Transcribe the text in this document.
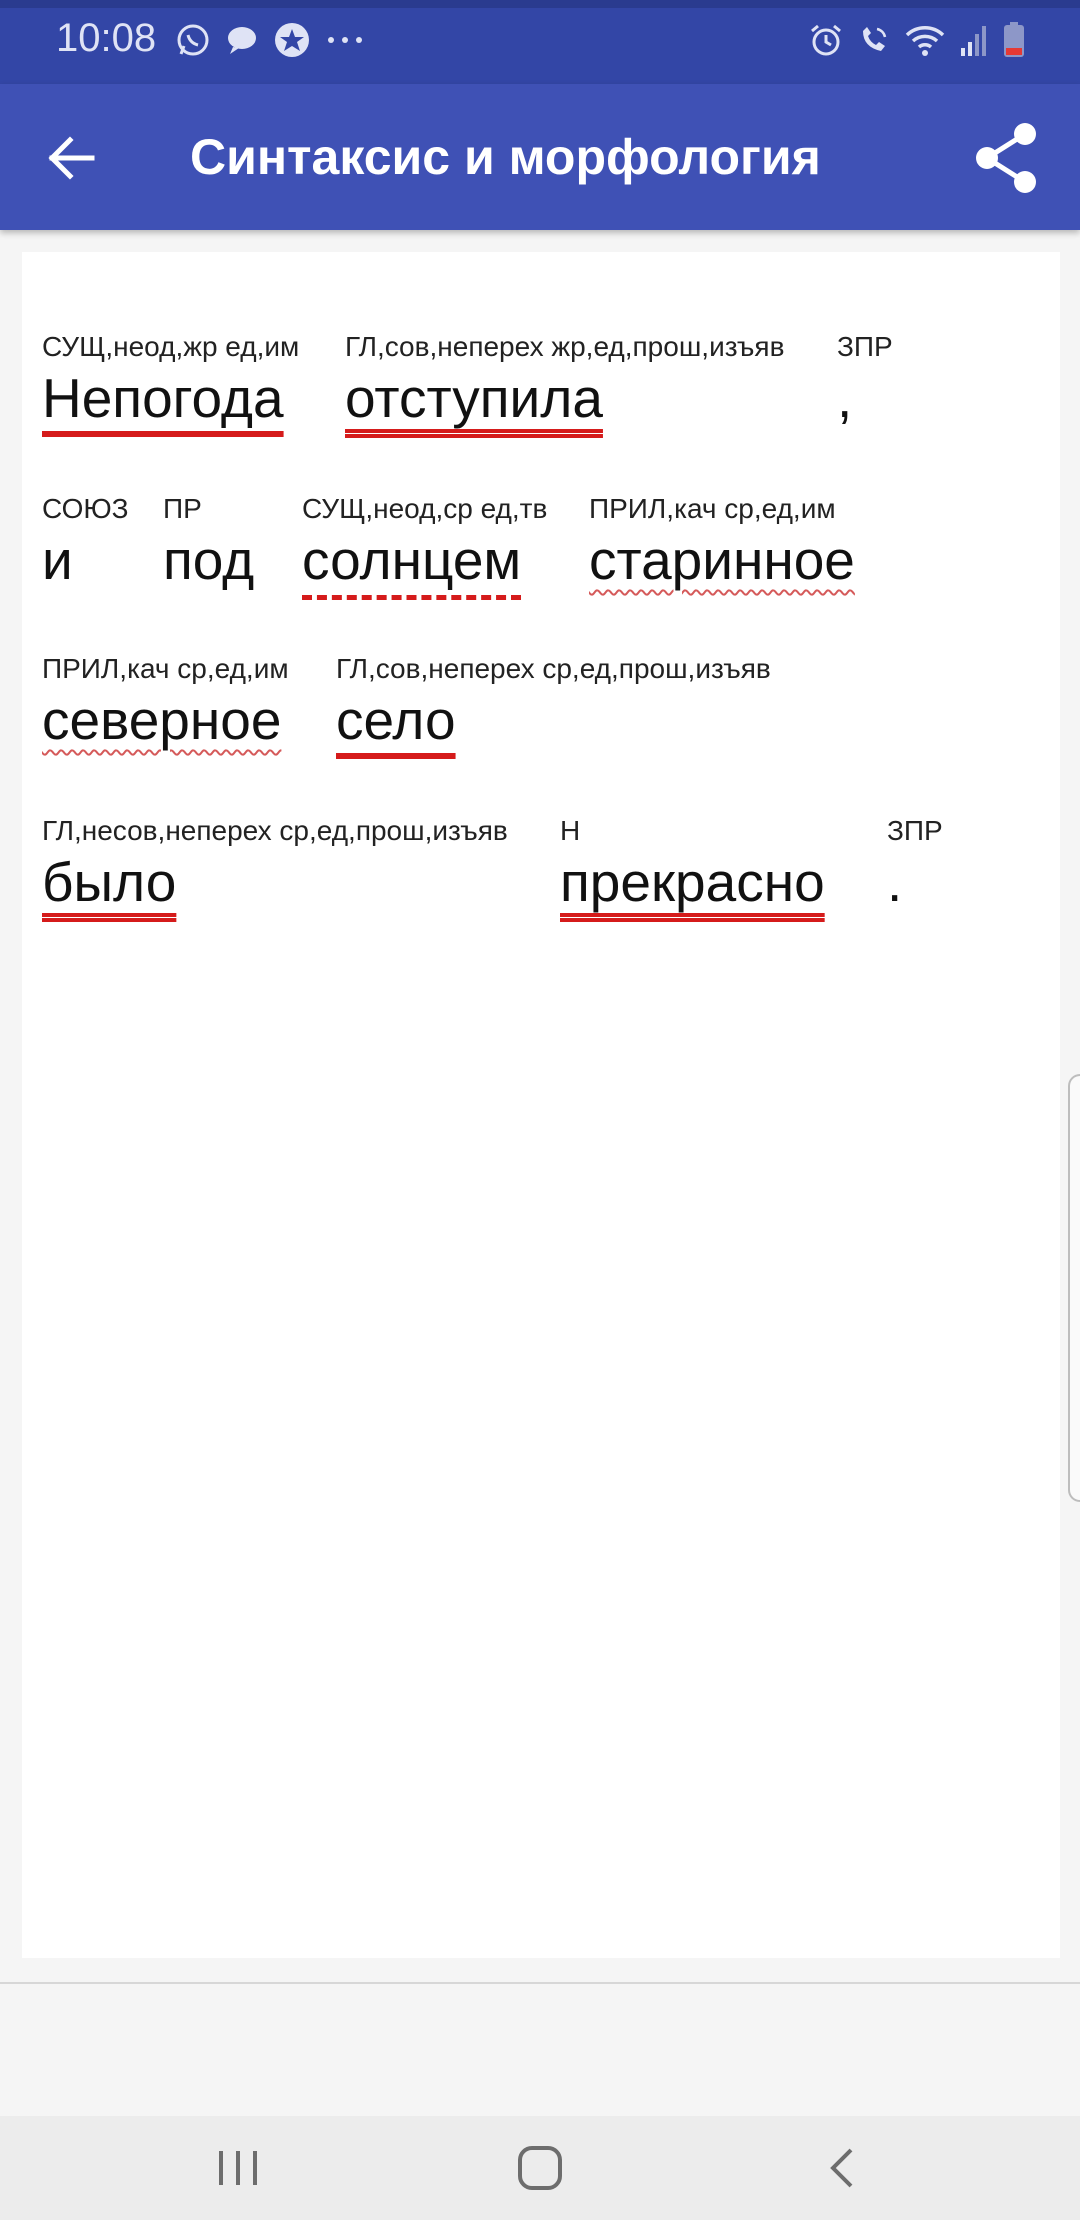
10:08
Синтаксис и морфология
СУЩ,неод,жр ед,им
Непогода
ГЛ,сов,неперех жр,ед,прош,изъяв
отступила
ЗПР
,
СОЮЗ
и
ПР
под
СУЩ,неод,ср ед,тв
солнцем
ПРИЛ,кач ср,ед,им
старинное
ПРИЛ,кач ср,ед,им
северное
ГЛ,сов,неперех ср,ед,прош,изъяв
село
ГЛ,несов,неперех ср,ед,прош,изъяв
было
Н
прекрасно
ЗПР
.
